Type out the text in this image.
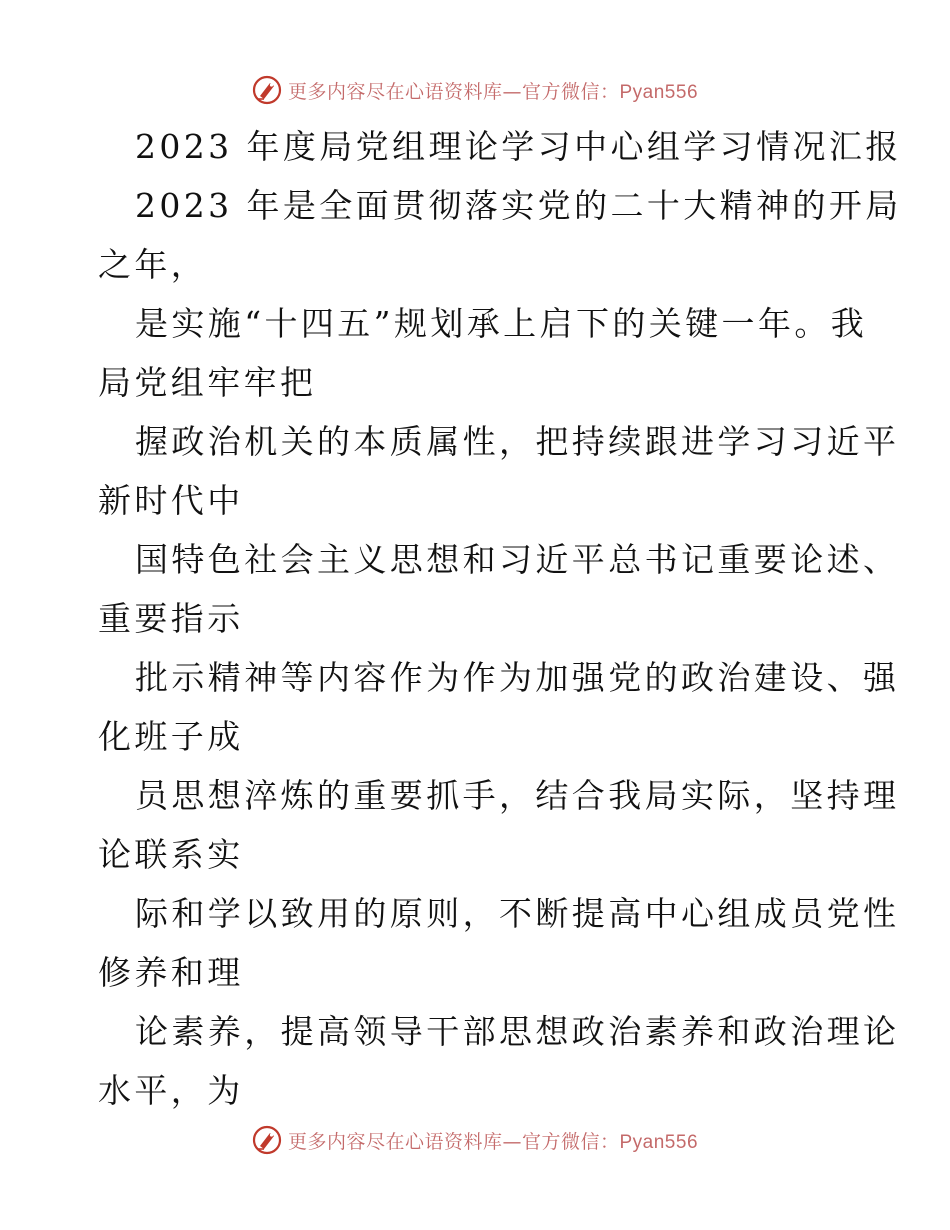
更多内容尽在心语资料库—官方微信：Pyan556
2023 年度局党组理论学习中心组学习情况汇报
2023 年是全面贯彻落实党的二十大精神的开局
之年，
是实施“十四五”规划承上启下的关键一年。我
局党组牢牢把
握政治机关的本质属性，把持续跟进学习习近平
新时代中
国特色社会主义思想和习近平总书记重要论述、
重要指示
批示精神等内容作为作为加强党的政治建设、强
化班子成
员思想淬炼的重要抓手，结合我局实际，坚持理
论联系实
际和学以致用的原则，不断提高中心组成员党性
修养和理
论素养，提高领导干部思想政治素养和政治理论
水平，为
更多内容尽在心语资料库—官方微信：Pyan556
